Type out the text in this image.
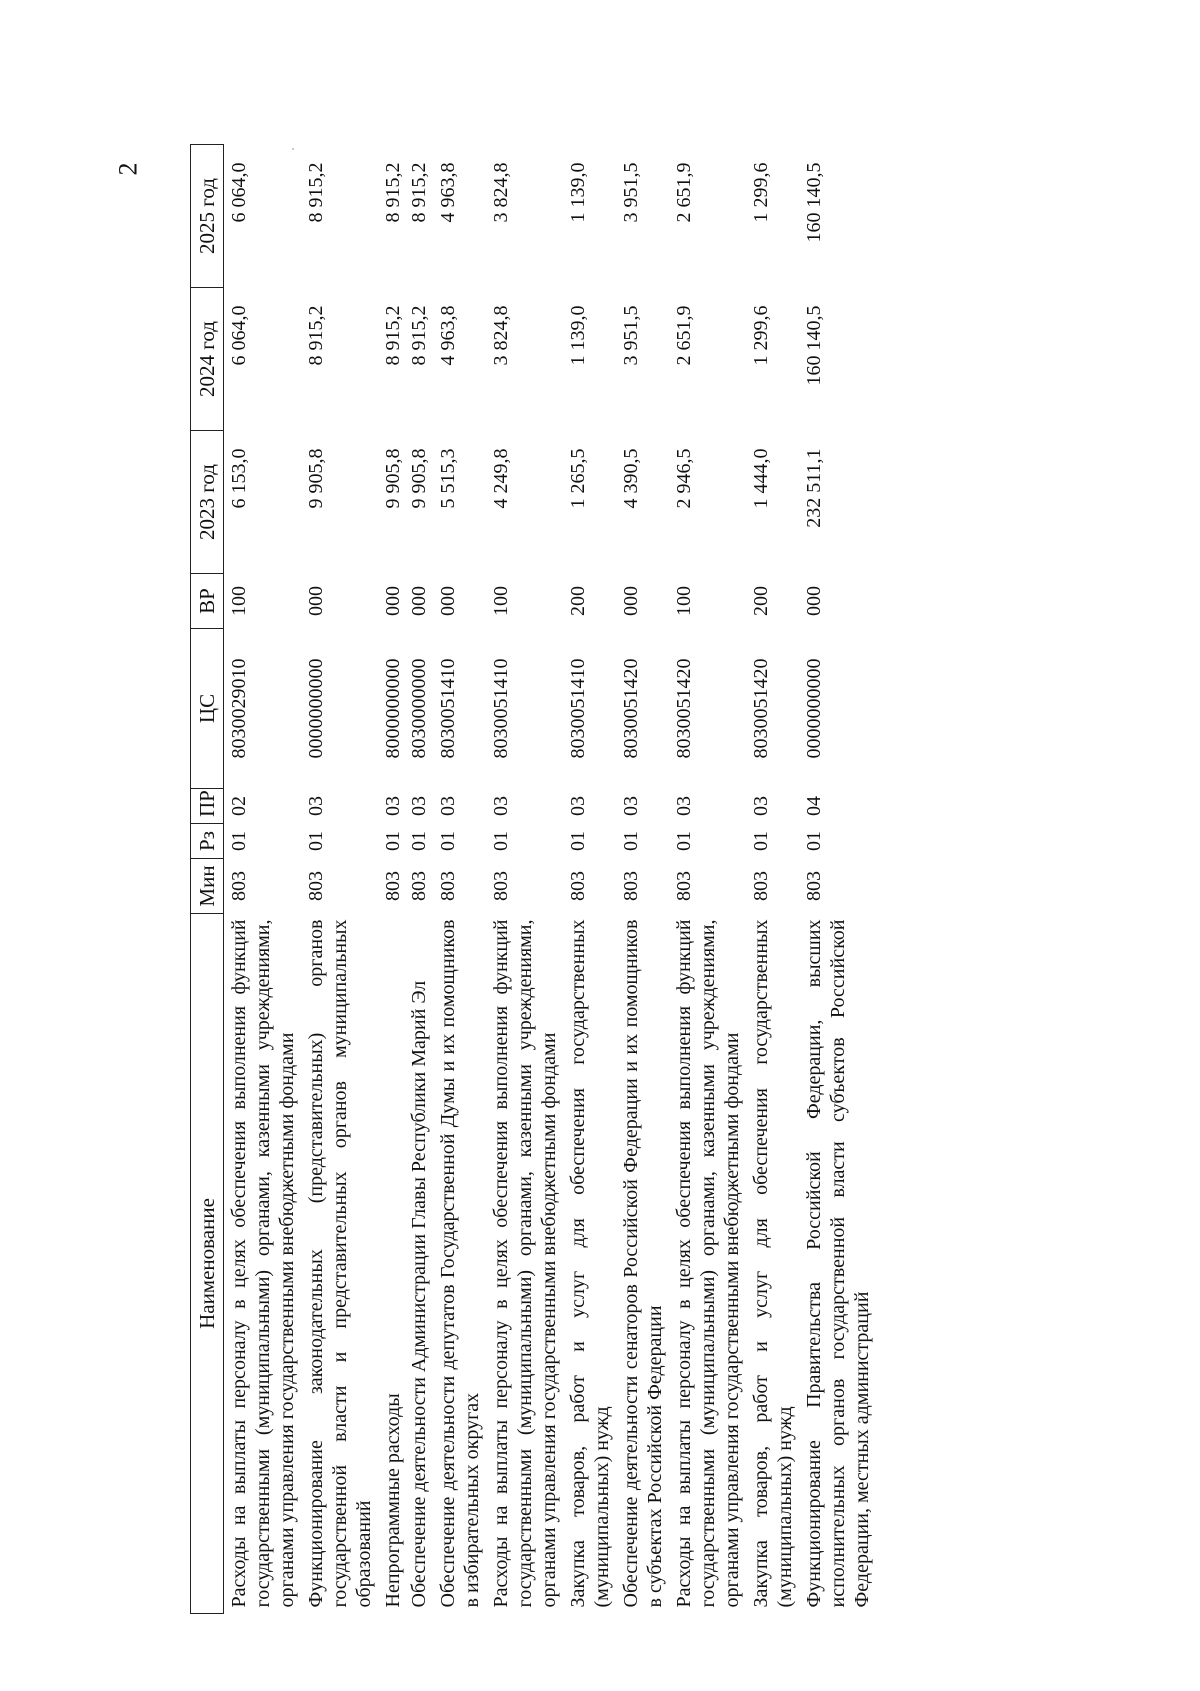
2
Наименование	Мин	Рз	ПР	ЦС	ВР	2023 год	2024 год	2025 год
Расходы на выплаты персоналу в целях обеспечения выполнения функций государственными (муниципальными) органами, казенными учреждениями, органами управления государственными внебюджетными фондами	803	01	02	8030029010	100	6 153,0	6 064,0	6 064,0
Функционирование законодательных (представительных) органов государственной власти и представительных органов муниципальных образований	803	01	03	0000000000	000	9 905,8	8 915,2	8 915,2
Непрограммные расходы	803	01	03	8000000000	000	9 905,8	8 915,2	8 915,2
Обеспечение деятельности Администрации Главы Республики Марий Эл	803	01	03	8030000000	000	9 905,8	8 915,2	8 915,2
Обеспечение деятельности депутатов Государственной Думы и их помощников в избирательных округах	803	01	03	8030051410	000	5 515,3	4 963,8	4 963,8
Расходы на выплаты персоналу в целях обеспечения выполнения функций государственными (муниципальными) органами, казенными учреждениями, органами управления государственными внебюджетными фондами	803	01	03	8030051410	100	4 249,8	3 824,8	3 824,8
Закупка товаров, работ и услуг для обеспечения государственных (муниципальных) нужд	803	01	03	8030051410	200	1 265,5	1 139,0	1 139,0
Обеспечение деятельности сенаторов Российской Федерации и их помощников в субъектах Российской Федерации	803	01	03	8030051420	000	4 390,5	3 951,5	3 951,5
Расходы на выплаты персоналу в целях обеспечения выполнения функций государственными (муниципальными) органами, казенными учреждениями, органами управления государственными внебюджетными фондами	803	01	03	8030051420	100	2 946,5	2 651,9	2 651,9
Закупка товаров, работ и услуг для обеспечения государственных (муниципальных) нужд	803	01	03	8030051420	200	1 444,0	1 299,6	1 299,6
Функционирование Правительства Российской Федерации, высших исполнительных органов государственной власти субъектов Российской Федерации, местных администраций	803	01	04	0000000000	000	232 511,1	160 140,5	160 140,5
